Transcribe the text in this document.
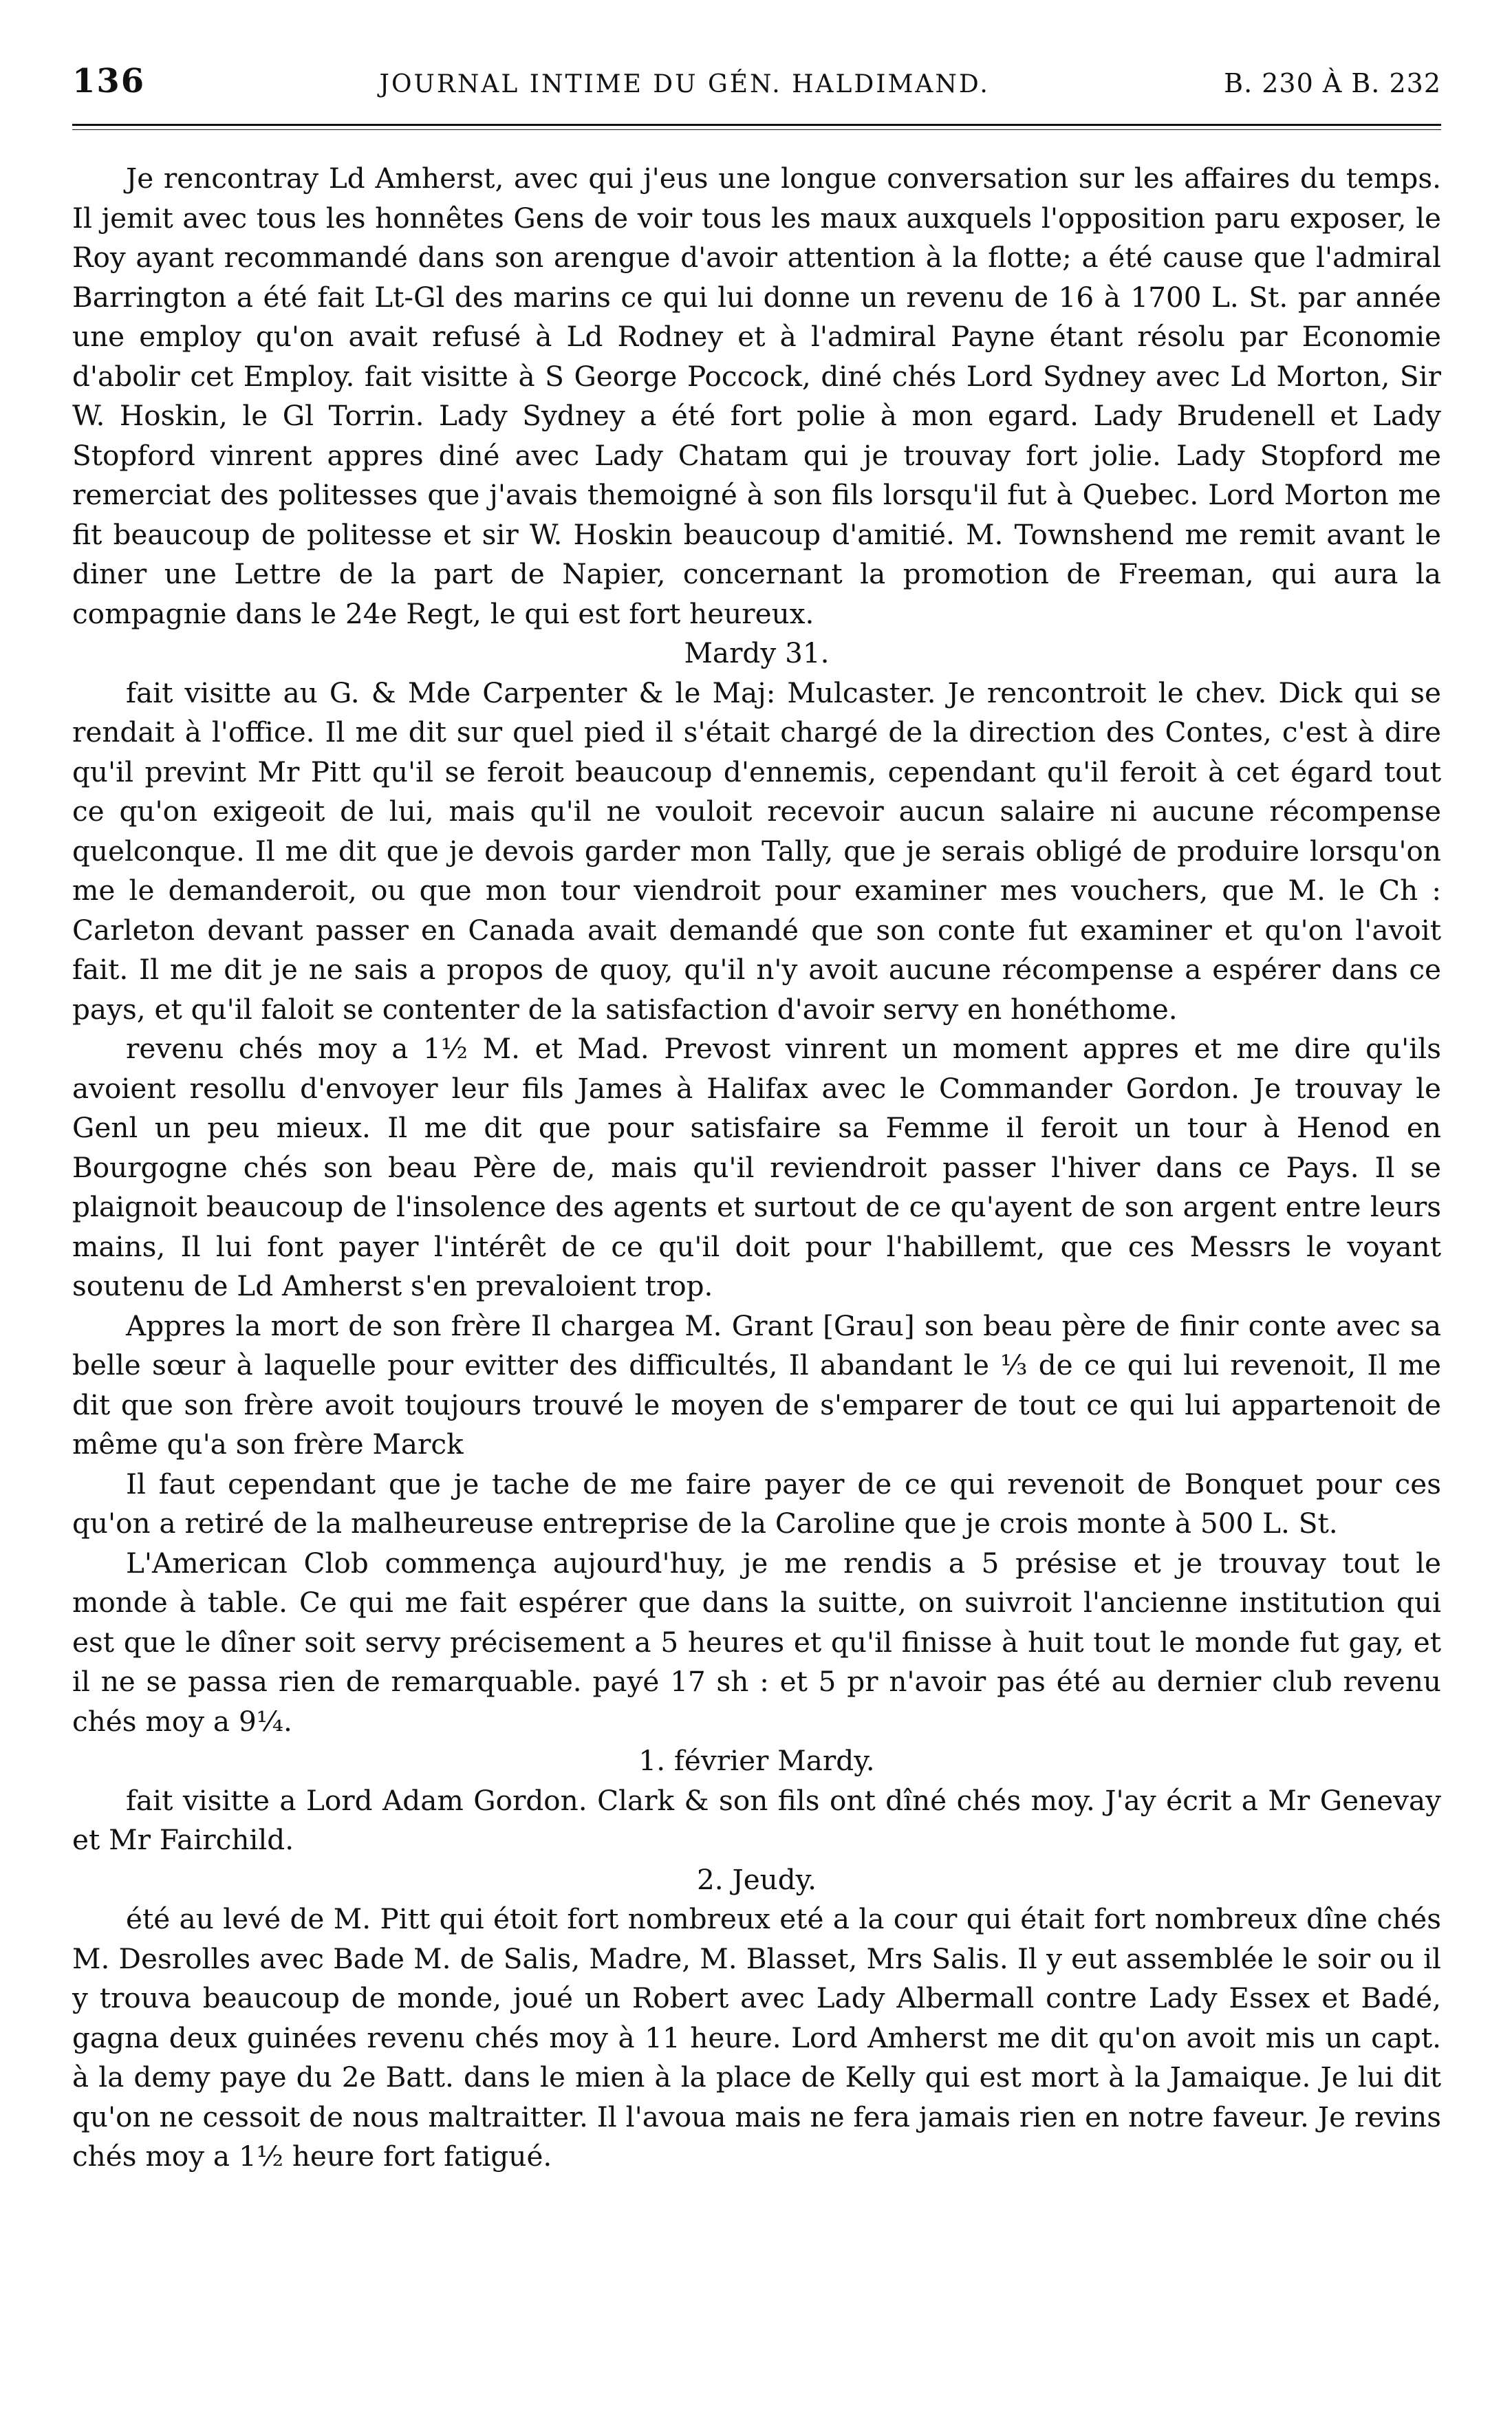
136	JOURNAL INTIME DU GÉN. HALDIMAND.	B. 230 À B. 232

Je rencontray Ld Amherst, avec qui j'eus une longue conversation sur les affaires du temps. Il jemit avec tous les honnêtes Gens de voir tous les maux auxquels l'opposition paru exposer, le Roy ayant recommandé dans son arengue d'avoir attention à la flotte; a été cause que l'admiral Barrington a été fait Lt-Gl des marins ce qui lui donne un revenu de 16 à 1700 L. St. par année une employ qu'on avait refusé à Ld Rodney et à l'admiral Payne étant résolu par Economie d'abolir cet Employ. fait visitte à S George Poccock, diné chés Lord Sydney avec Ld Morton, Sir W. Hoskin, le Gl Torrin. Lady Sydney a été fort polie à mon egard. Lady Brudenell et Lady Stopford vinrent appres diné avec Lady Chatam qui je trouvay fort jolie. Lady Stopford me remerciat des politesses que j'avais themoigné à son fils lorsqu'il fut à Quebec. Lord Morton me fit beaucoup de politesse et sir W. Hoskin beaucoup d'amitié. M. Townshend me remit avant le diner une Lettre de la part de Napier, concernant la promotion de Freeman, qui aura la compagnie dans le 24e Regt, le qui est fort heureux.

Mardy 31.

fait visitte au G. & Mde Carpenter & le Maj: Mulcaster. Je rencontroit le chev. Dick qui se rendait à l'office. Il me dit sur quel pied il s'était chargé de la direction des Contes, c'est à dire qu'il prevint Mr Pitt qu'il se feroit beaucoup d'ennemis, cependant qu'il feroit à cet égard tout ce qu'on exigeoit de lui, mais qu'il ne vouloit recevoir aucun salaire ni aucune récompense quelconque. Il me dit que je devois garder mon Tally, que je serais obligé de produire lorsqu'on me le demanderoit, ou que mon tour viendroit pour examiner mes vouchers, que M. le Ch : Carleton devant passer en Canada avait demandé que son conte fut examiner et qu'on l'avoit fait. Il me dit je ne sais a propos de quoy, qu'il n'y avoit aucune récompense a espérer dans ce pays, et qu'il faloit se contenter de la satisfaction d'avoir servy en honéthome.

revenu chés moy a 1½ M. et Mad. Prevost vinrent un moment appres et me dire qu'ils avoient resollu d'envoyer leur fils James à Halifax avec le Commander Gordon. Je trouvay le Genl un peu mieux. Il me dit que pour satisfaire sa Femme il feroit un tour à Henod en Bourgogne chés son beau Père de, mais qu'il reviendroit passer l'hiver dans ce Pays. Il se plaignoit beaucoup de l'insolence des agents et surtout de ce qu'ayent de son argent entre leurs mains, Il lui font payer l'intérêt de ce qu'il doit pour l'habillemt, que ces Messrs le voyant soutenu de Ld Amherst s'en prevaloient trop.

Appres la mort de son frère Il chargea M. Grant [Grau] son beau père de finir conte avec sa belle sœur à laquelle pour evitter des difficultés, Il abandant le ⅓ de ce qui lui revenoit, Il me dit que son frère avoit toujours trouvé le moyen de s'emparer de tout ce qui lui appartenoit de même qu'a son frère Marck

Il faut cependant que je tache de me faire payer de ce qui revenoit de Bonquet pour ces qu'on a retiré de la malheureuse entreprise de la Caroline que je crois monte à 500 L. St.

L'American Clob commença aujourd'huy, je me rendis a 5 présise et je trouvay tout le monde à table. Ce qui me fait espérer que dans la suitte, on suivroit l'ancienne institution qui est que le dîner soit servy précisement a 5 heures et qu'il finisse à huit tout le monde fut gay, et il ne se passa rien de remarquable. payé 17 sh : et 5 pr n'avoir pas été au dernier club revenu chés moy a 9¼.

1. février Mardy.

fait visitte a Lord Adam Gordon. Clark & son fils ont dîné chés moy. J'ay écrit a Mr Genevay et Mr Fairchild.

2. Jeudy.

été au levé de M. Pitt qui étoit fort nombreux eté a la cour qui était fort nombreux dîne chés M. Desrolles avec Bade M. de Salis, Madre, M. Blasset, Mrs Salis. Il y eut assemblée le soir ou il y trouva beaucoup de monde, joué un Robert avec Lady Albermall contre Lady Essex et Badé, gagna deux guinées revenu chés moy à 11 heure. Lord Amherst me dit qu'on avoit mis un capt. à la demy paye du 2e Batt. dans le mien à la place de Kelly qui est mort à la Jamaique. Je lui dit qu'on ne cessoit de nous maltraitter. Il l'avoua mais ne fera jamais rien en notre faveur. Je revins chés moy a 1½ heure fort fatigué.
